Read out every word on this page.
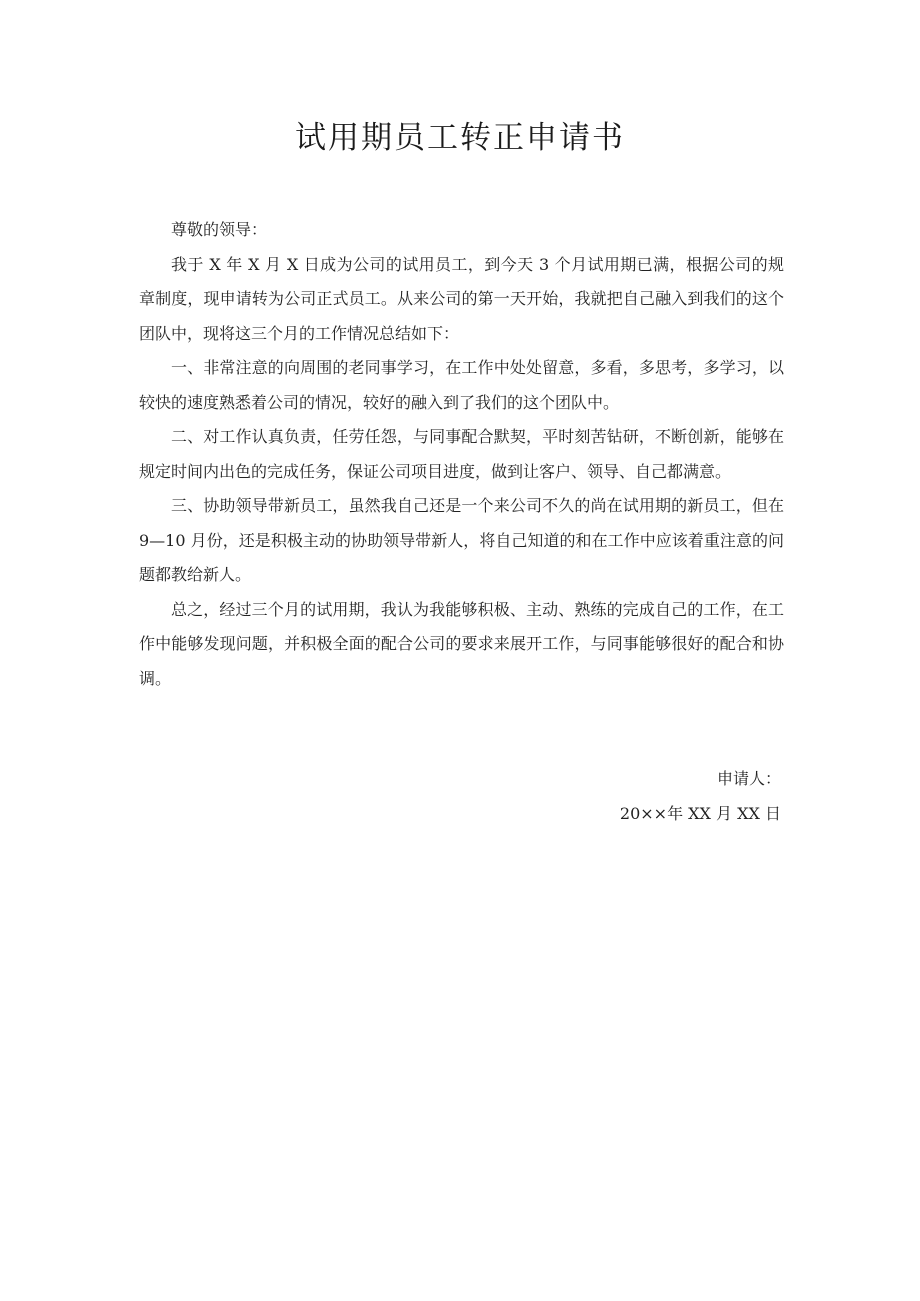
试用期员工转正申请书

尊敬的领导：

我于 X 年 X 月 X 日成为公司的试用员工，到今天 3 个月试用期已满，根据公司的规章制度，现申请转为公司正式员工。从来公司的第一天开始，我就把自己融入到我们的这个团队中，现将这三个月的工作情况总结如下：

一、非常注意的向周围的老同事学习，在工作中处处留意，多看，多思考，多学习，以较快的速度熟悉着公司的情况，较好的融入到了我们的这个团队中。

二、对工作认真负责，任劳任怨，与同事配合默契，平时刻苦钻研，不断创新，能够在规定时间内出色的完成任务，保证公司项目进度，做到让客户、领导、自己都满意。

三、协助领导带新员工，虽然我自己还是一个来公司不久的尚在试用期的新员工，但在 9—10 月份，还是积极主动的协助领导带新人，将自己知道的和在工作中应该着重注意的问题都教给新人。

总之，经过三个月的试用期，我认为我能够积极、主动、熟练的完成自己的工作，在工作中能够发现问题，并积极全面的配合公司的要求来展开工作，与同事能够很好的配合和协调。

申请人：
20××年 XX 月 XX 日
